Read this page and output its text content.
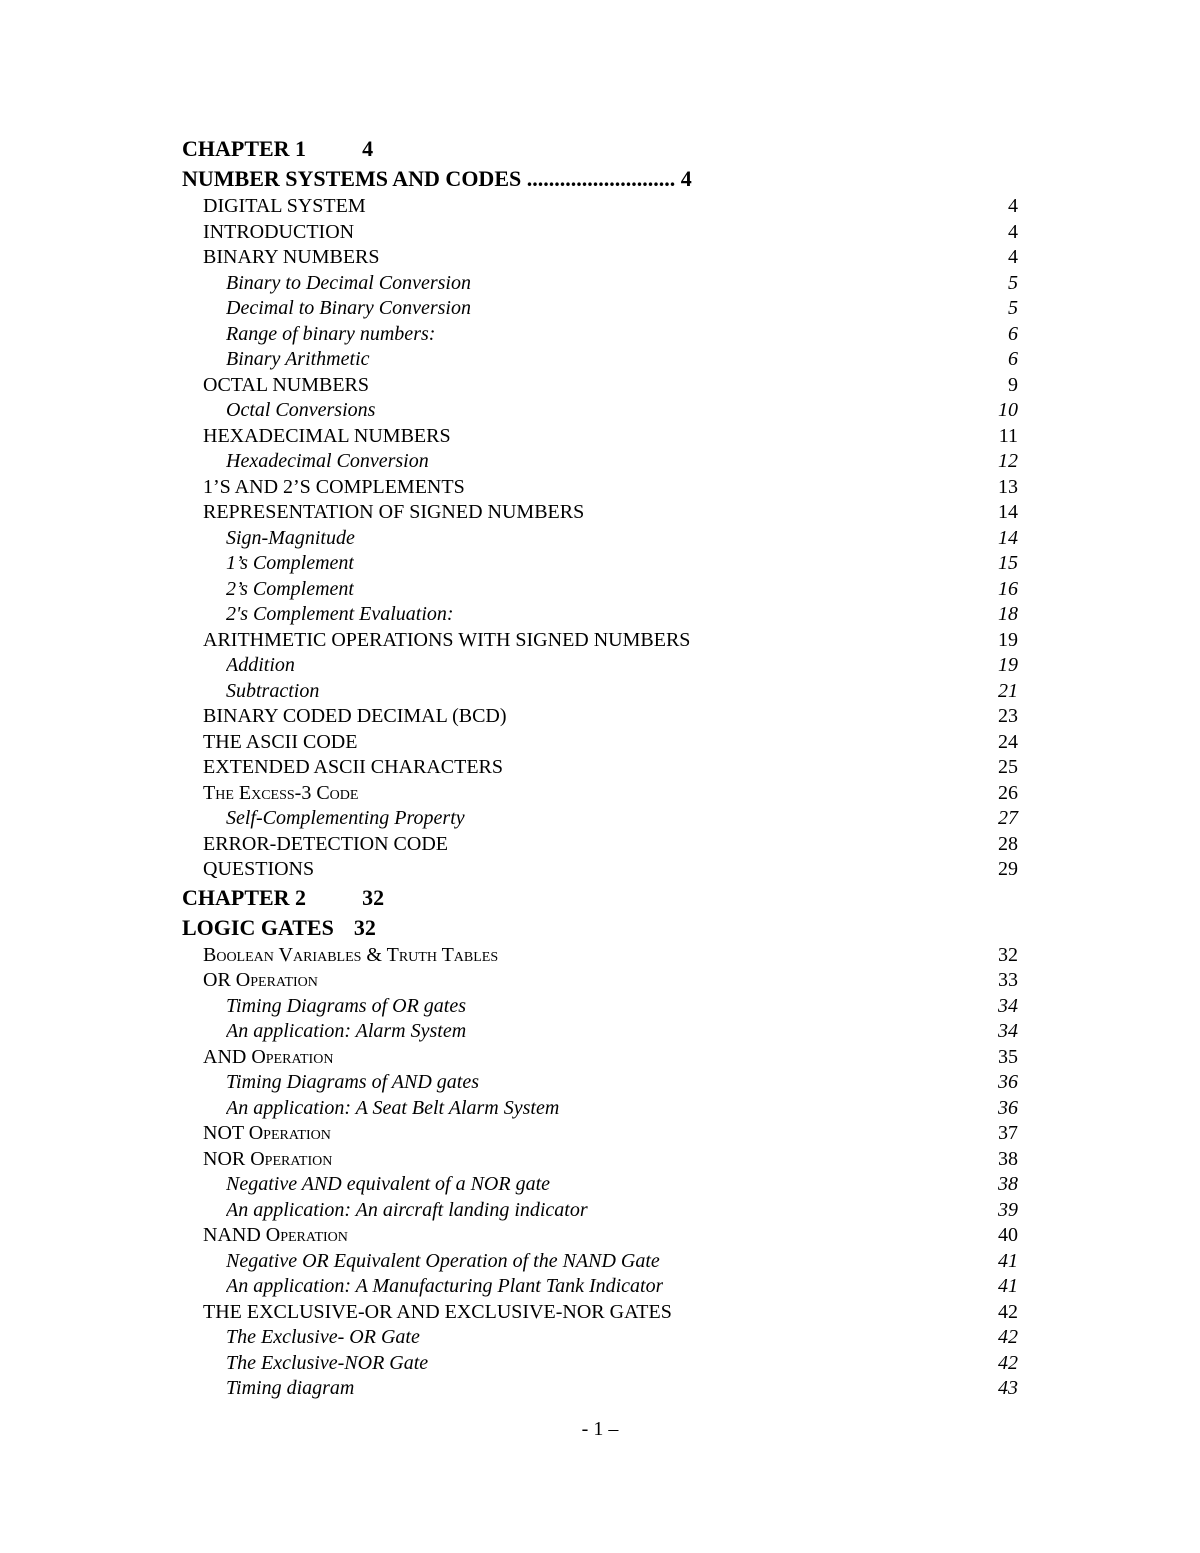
CHAPTER 1	4
NUMBER SYSTEMS AND CODES ........................... 4
DIGITAL SYSTEM	4
INTRODUCTION	4
BINARY NUMBERS	4
Binary to Decimal Conversion	5
Decimal to Binary Conversion	5
Range of binary numbers:	6
Binary Arithmetic	6
OCTAL NUMBERS	9
Octal Conversions	10
HEXADECIMAL NUMBERS	11
Hexadecimal Conversion	12
1’S AND 2’S COMPLEMENTS	13
REPRESENTATION OF SIGNED NUMBERS	14
Sign-Magnitude	14
1’s Complement	15
2’s Complement	16
2's Complement Evaluation:	18
ARITHMETIC OPERATIONS WITH SIGNED NUMBERS	19
Addition	19
Subtraction	21
BINARY CODED DECIMAL (BCD)	23
THE ASCII CODE	24
EXTENDED ASCII CHARACTERS	25
The Excess-3 Code	26
Self-Complementing Property	27
ERROR-DETECTION CODE	28
QUESTIONS	29
CHAPTER 2	32
LOGIC GATES 32
Boolean Variables & Truth Tables	32
OR Operation	33
Timing Diagrams of OR gates	34
An application: Alarm System	34
AND Operation	35
Timing Diagrams of AND gates	36
An application: A Seat Belt Alarm System	36
NOT Operation	37
NOR Operation	38
Negative AND equivalent of a NOR gate	38
An application: An aircraft landing indicator	39
NAND Operation	40
Negative OR Equivalent Operation of the NAND Gate	41
An application: A Manufacturing Plant Tank Indicator	41
THE EXCLUSIVE-OR AND EXCLUSIVE-NOR GATES	42
The Exclusive- OR Gate	42
The Exclusive-NOR Gate	42
Timing diagram	43
- 1 –
